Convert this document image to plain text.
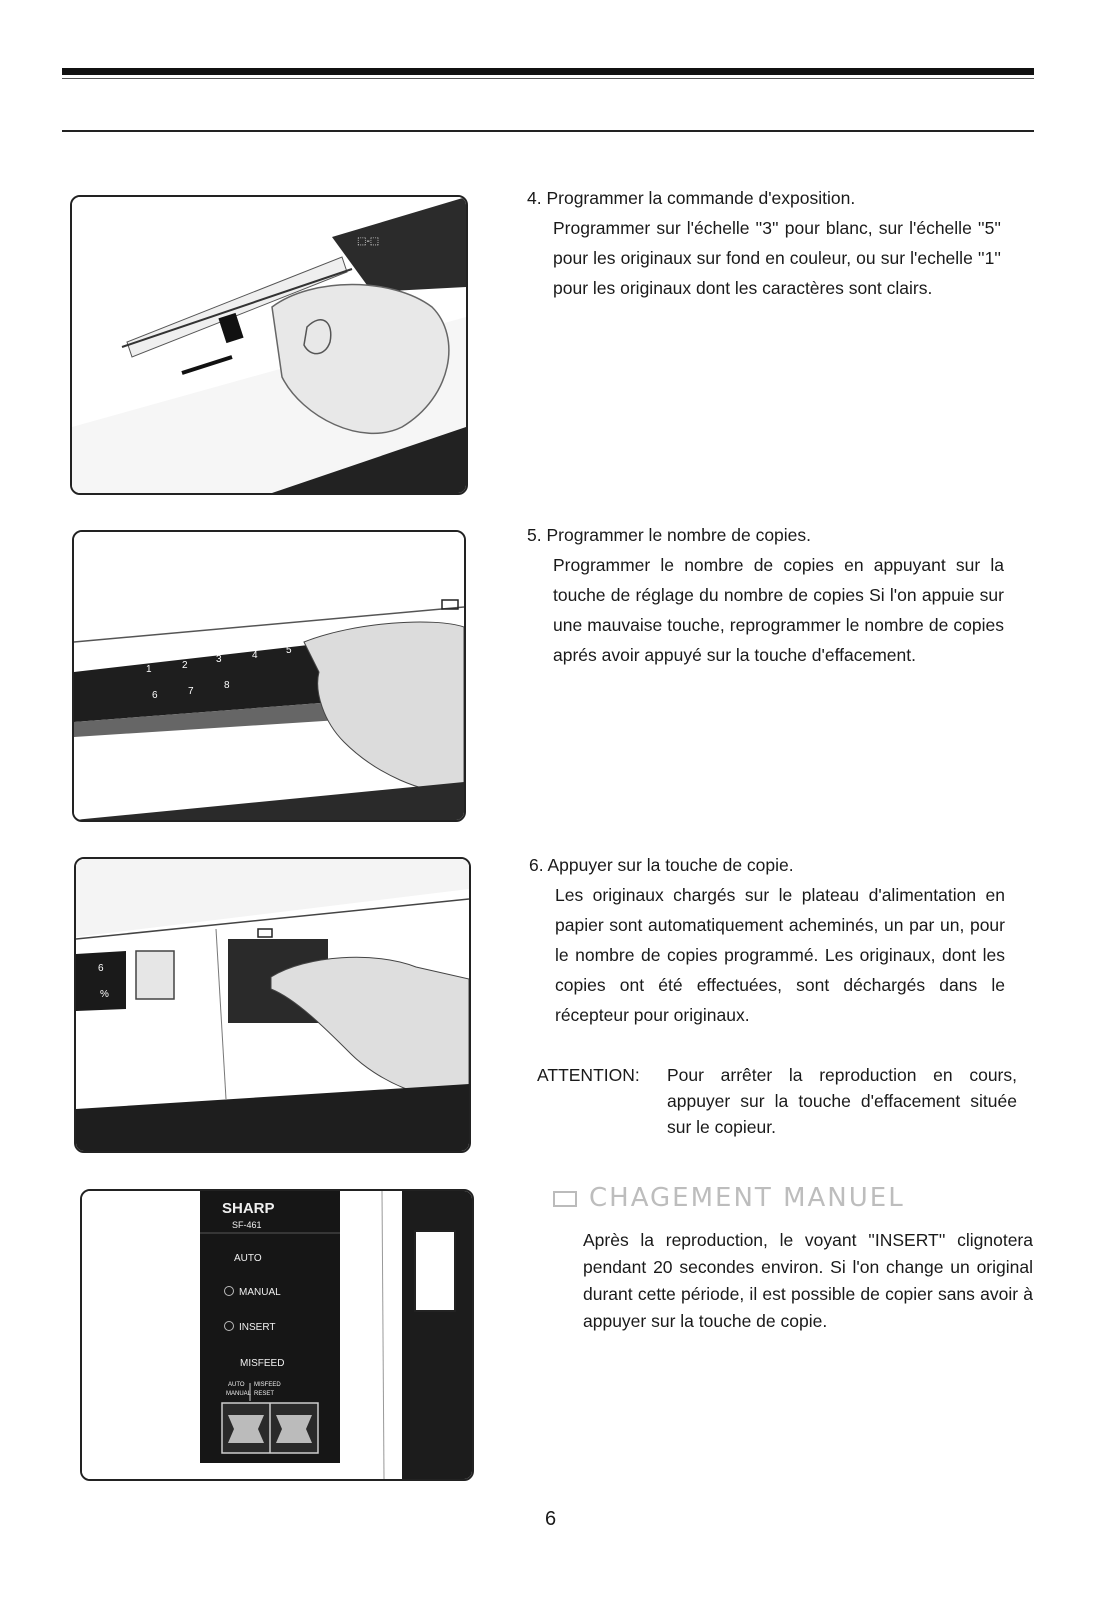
⬚-⬚
4. Programmer la commande d'exposition.
Programmer sur l'échelle ''3'' pour blanc, sur l'échelle ''5'' pour les originaux sur fond en couleur, ou sur l'echelle ''1'' pour les originaux dont les caractères sont clairs.
1	2
3	4	5
6	7
8
5. Programmer le nombre de copies.
Programmer le nombre de copies en appuyant sur la touche de réglage du nombre de copies Si l'on appuie sur une mauvaise touche, reprogrammer le nombre de copies aprés avoir appuyé sur la touche d'effacement.
6
%
6. Appuyer sur la touche de copie.
Les originaux chargés sur le plateau d'alimentation en papier sont automatiquement acheminés, un par un, pour le nombre de copies programmé. Les originaux, dont les copies ont été effectuées, sont déchargés dans le récepteur pour originaux.
ATTENTION: Pour arrêter la reproduction en cours, appuyer sur la touche d'effacement située sur le copieur.
SHARP
SF-461
AUTO
MANUAL
INSERT
MISFEED
AUTO
MANUAL
MISFEED
RESET
CHAGEMENT MANUEL
Après la reproduction, le voyant ''INSERT'' clignotera pendant 20 secondes environ. Si l'on change un original durant cette période, il est possible de copier sans avoir à appuyer sur la touche de copie.
6
